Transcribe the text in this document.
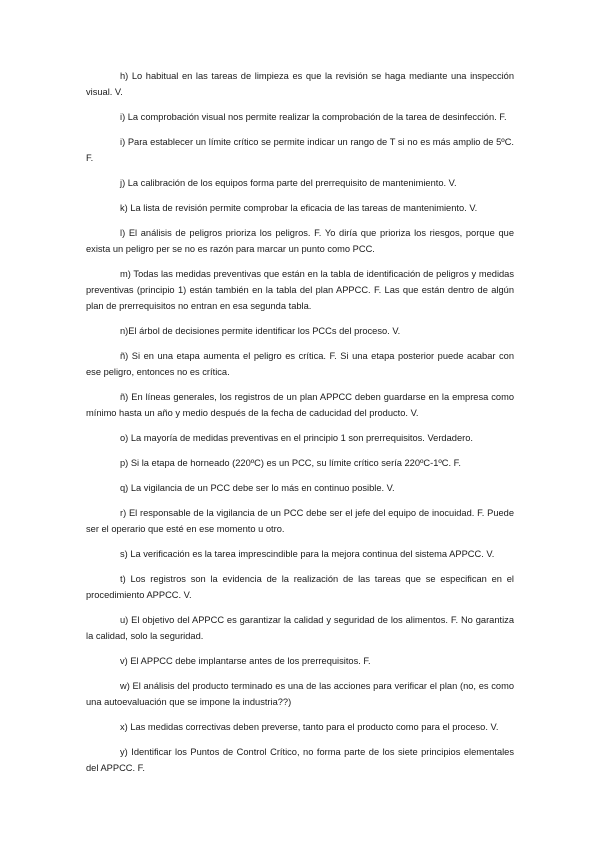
h) Lo habitual en las tareas de limpieza es que la revisión se haga mediante una inspección visual. V.

i) La comprobación visual nos permite realizar la comprobación de la tarea de desinfección. F.

i) Para establecer un límite crítico se permite indicar un rango de T si no es más amplio de 5ºC. F.

j) La calibración de los equipos forma parte del prerrequisito de mantenimiento. V.

k) La lista de revisión permite comprobar la eficacia de las tareas de mantenimiento. V.

l) El análisis de peligros prioriza los peligros. F. Yo diría que prioriza los riesgos, porque que exista un peligro per se no es razón para marcar un punto como PCC.

m) Todas las medidas preventivas que están en la tabla de identificación de peligros y medidas preventivas (principio 1) están también en la tabla del plan APPCC. F. Las que están dentro de algún plan de prerrequisitos no entran en esa segunda tabla.

n)El árbol de decisiones permite identificar los PCCs del proceso. V.

ñ) Si en una etapa aumenta el peligro es crítica. F. Si una etapa posterior puede acabar con ese peligro, entonces no es crítica.

ñ) En líneas generales, los registros de un plan APPCC deben guardarse en la empresa como mínimo hasta un año y medio después de la fecha de caducidad del producto. V.

o) La mayoría de medidas preventivas en el principio 1 son prerrequisitos. Verdadero.

p) Si la etapa de horneado (220ºC) es un PCC, su límite crítico sería 220ºC-1ºC. F.

q) La vigilancia de un PCC debe ser lo más en continuo posible. V.

r) El responsable de la vigilancia de un PCC debe ser el jefe del equipo de inocuidad. F. Puede ser el operario que esté en ese momento u otro.

s) La verificación es la tarea imprescindible para la mejora continua del sistema APPCC. V.

t) Los registros son la evidencia de la realización de las tareas que se especifican en el procedimiento APPCC. V.

u) El objetivo del APPCC es garantizar la calidad y seguridad de los alimentos. F. No garantiza la calidad, solo la seguridad.

v) El APPCC debe implantarse antes de los prerrequisitos. F.

w) El análisis del producto terminado es una de las acciones para verificar el plan (no, es como una autoevaluación que se impone la industria??)

x) Las medidas correctivas deben preverse, tanto para el producto como para el proceso. V.

y) Identificar los Puntos de Control Crítico, no forma parte de los siete principios elementales del APPCC. F.
